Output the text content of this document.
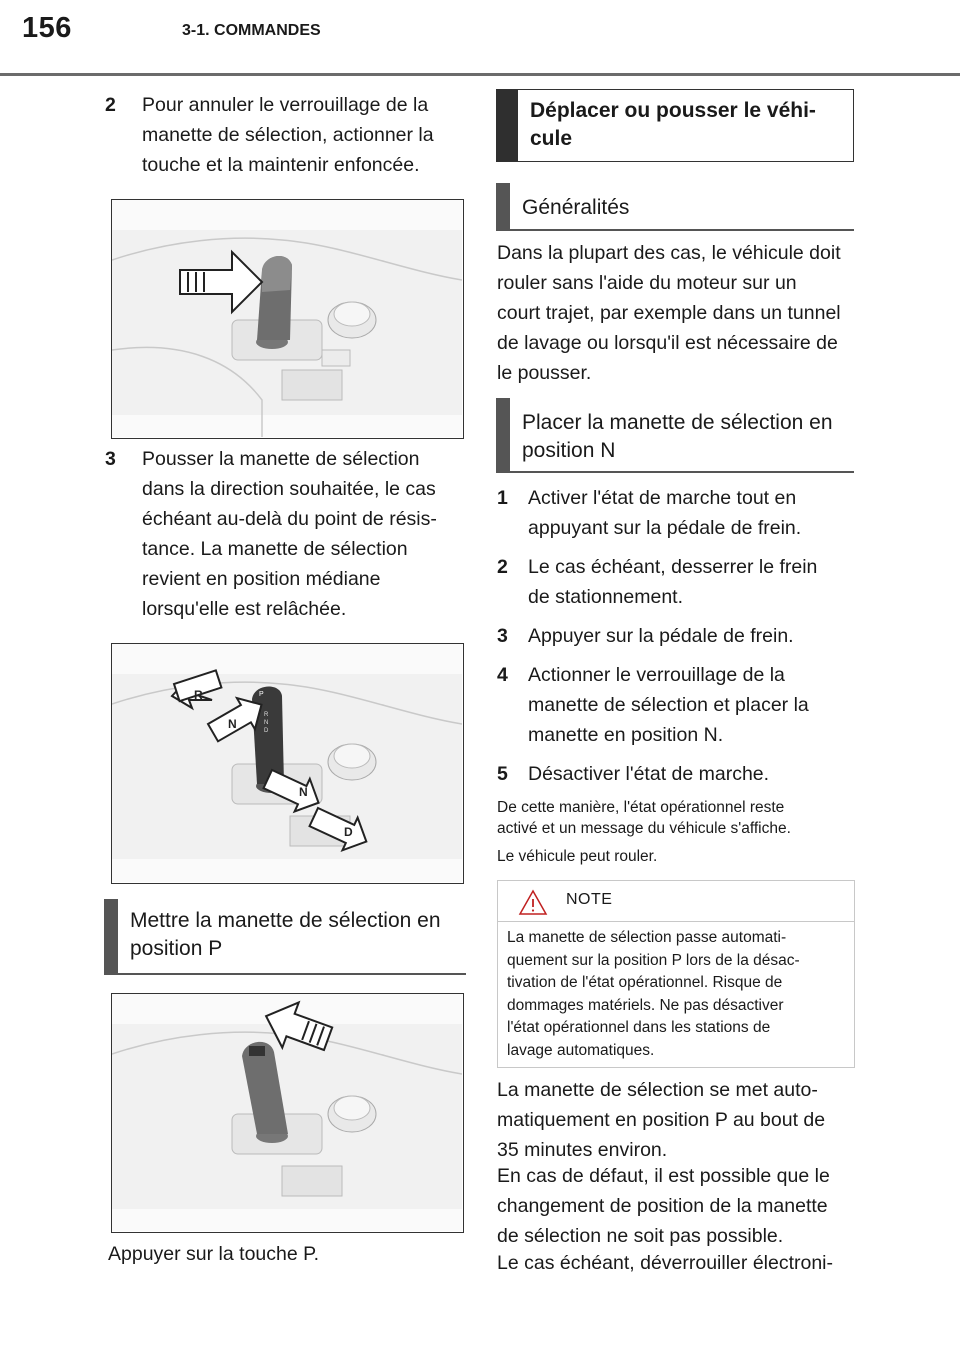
156	3-1. COMMANDES
2 Pour annuler le verrouillage de la
manette de sélection, actionner la
touche et la maintenir enfoncée.
3 Pousser la manette de sélection
dans la direction souhaitée, le cas
échéant au-delà du point de résis-
tance. La manette de sélection
revient en position médiane
lorsqu'elle est relâchée.
P
R
N
D
R
N
N
D
Mettre la manette de sélection en
position P
Appuyer sur la touche P.
Déplacer ou pousser le véhi-
cule
Généralités
Dans la plupart des cas, le véhicule doit
rouler sans l'aide du moteur sur un
court trajet, par exemple dans un tunnel
de lavage ou lorsqu'il est nécessaire de
le pousser.
Placer la manette de sélection en
position N
1 Activer l'état de marche tout en
appuyant sur la pédale de frein.
2 Le cas échéant, desserrer le frein
de stationnement.
3 Appuyer sur la pédale de frein.
4 Actionner le verrouillage de la
manette de sélection et placer la
manette en position N.
5 Désactiver l'état de marche.
De cette manière, l'état opérationnel reste
activé et un message du véhicule s'affiche.
Le véhicule peut rouler.
NOTE
La manette de sélection passe automati-
quement sur la position P lors de la désac-
tivation de l'état opérationnel. Risque de
dommages matériels. Ne pas désactiver
l'état opérationnel dans les stations de
lavage automatiques.
La manette de sélection se met auto-
matiquement en position P au bout de
35 minutes environ.
En cas de défaut, il est possible que le
changement de position de la manette
de sélection ne soit pas possible.
Le cas échéant, déverrouiller électroni-
